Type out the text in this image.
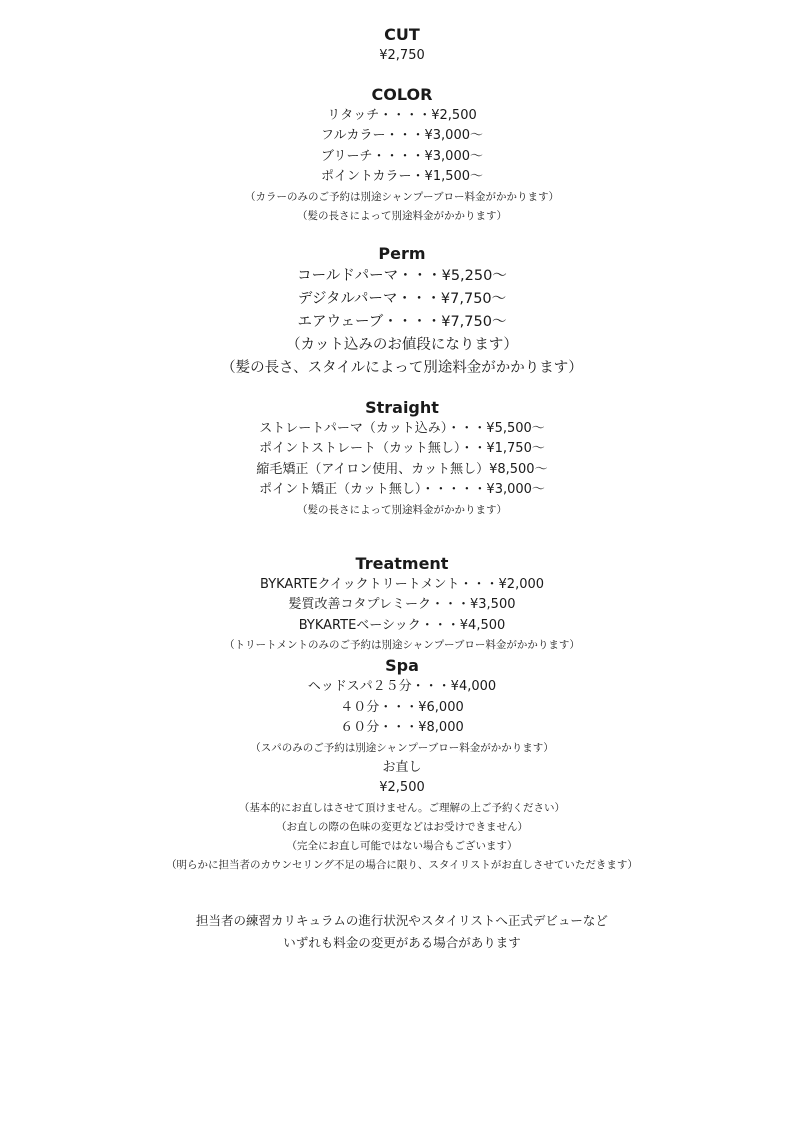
CUT
¥2,750
COLOR
リタッチ・・・・¥2,500
フルカラー・・・¥3,000〜
ブリーチ・・・・¥3,000〜
ポイントカラー・¥1,500〜
（カラーのみのご予約は別途シャンプーブロー料金がかかります）
（髪の長さによって別途料金がかかります）
Perm
コールドパーマ・・・¥5,250〜
デジタルパーマ・・・¥7,750〜
エアウェーブ・・・・¥7,750〜
（カット込みのお値段になります）
（髪の長さ、スタイルによって別途料金がかかります）
Straight
ストレートパーマ（カット込み）・・・¥5,500〜
ポイントストレート（カット無し）・・¥1,750〜
縮毛矯正（アイロン使用、カット無し）¥8,500〜
ポイント矯正（カット無し）・・・・・¥3,000〜
（髪の長さによって別途料金がかかります）
Treatment
BYKARTEクイックトリートメント・・・¥2,000
髪質改善コタプレミーク・・・¥3,500
BYKARTEベーシック・・・¥4,500
（トリートメントのみのご予約は別途シャンプーブロー料金がかかります）
Spa
ヘッドスパ２５分・・・¥4,000
４０分・・・¥6,000
６０分・・・¥8,000
（スパのみのご予約は別途シャンプーブロー料金がかかります）
お直し
¥2,500
（基本的にお直しはさせて頂けません。ご理解の上ご予約ください）
（お直しの際の色味の変更などはお受けできません）
（完全にお直し可能ではない場合もございます）
（明らかに担当者のカウンセリング不足の場合に限り、スタイリストがお直しさせていただきます）
担当者の練習カリキュラムの進行状況やスタイリストへ正式デビューなど
いずれも料金の変更がある場合があります
